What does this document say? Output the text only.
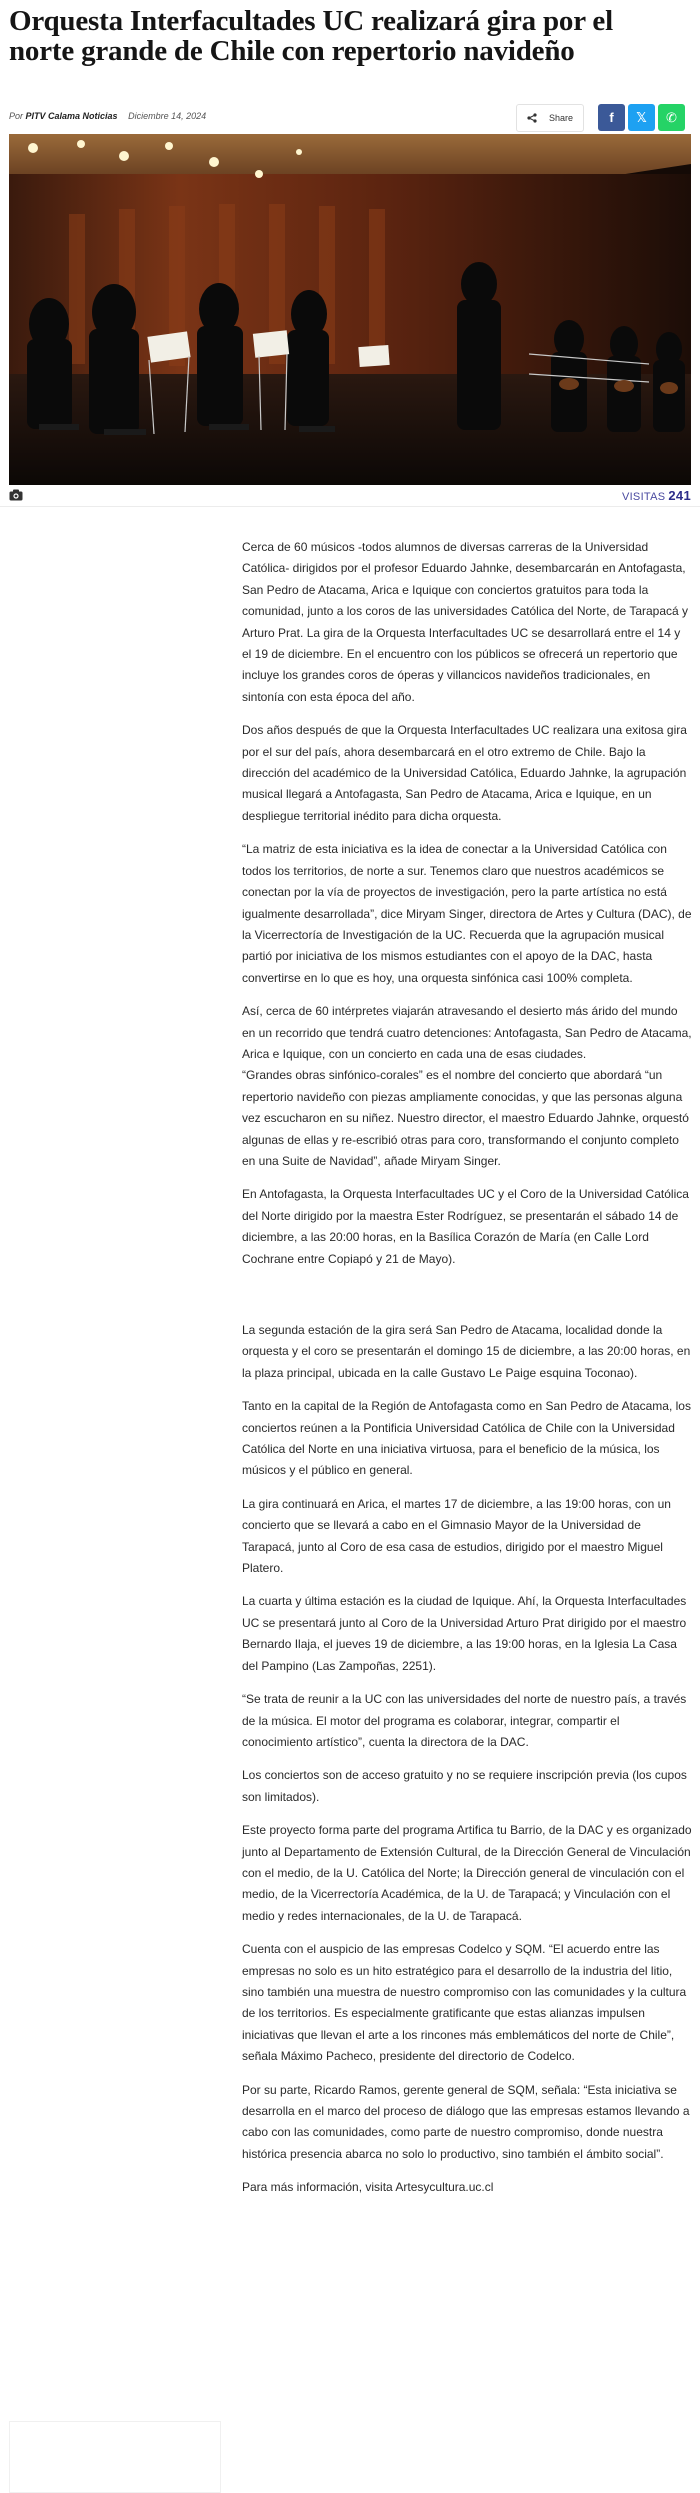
Orquesta Interfacultades UC realizará gira por el norte grande de Chile con repertorio navideño
Por PITV Calama Noticias Diciembre 14, 2024	Share	f 𝕏 ✆
VISITAS 241

Cerca de 60 músicos -todos alumnos de diversas carreras de la Universidad Católica- dirigidos por el profesor Eduardo Jahnke, desembarcarán en Antofagasta, San Pedro de Atacama, Arica e Iquique con conciertos gratuitos para toda la comunidad, junto a los coros de las universidades Católica del Norte, de Tarapacá y Arturo Prat. La gira de la Orquesta Interfacultades UC se desarrollará entre el 14 y el 19 de diciembre. En el encuentro con los públicos se ofrecerá un repertorio que incluye los grandes coros de óperas y villancicos navideños tradicionales, en sintonía con esta época del año.

Dos años después de que la Orquesta Interfacultades UC realizara una exitosa gira por el sur del país, ahora desembarcará en el otro extremo de Chile. Bajo la dirección del académico de la Universidad Católica, Eduardo Jahnke, la agrupación musical llegará a Antofagasta, San Pedro de Atacama, Arica e Iquique, en un despliegue territorial inédito para dicha orquesta.

“La matriz de esta iniciativa es la idea de conectar a la Universidad Católica con todos los territorios, de norte a sur. Tenemos claro que nuestros académicos se conectan por la vía de proyectos de investigación, pero la parte artística no está igualmente desarrollada”, dice Miryam Singer, directora de Artes y Cultura (DAC), de la Vicerrectoría de Investigación de la UC. Recuerda que la agrupación musical partió por iniciativa de los mismos estudiantes con el apoyo de la DAC, hasta convertirse en lo que es hoy, una orquesta sinfónica casi 100% completa.

Así, cerca de 60 intérpretes viajarán atravesando el desierto más árido del mundo en un recorrido que tendrá cuatro detenciones: Antofagasta, San Pedro de Atacama, Arica e Iquique, con un concierto en cada una de esas ciudades.

“Grandes obras sinfónico-corales” es el nombre del concierto que abordará “un repertorio navideño con piezas ampliamente conocidas, y que las personas alguna vez escucharon en su niñez. Nuestro director, el maestro Eduardo Jahnke, orquestó algunas de ellas y re-escribió otras para coro, transformando el conjunto completo en una Suite de Navidad”, añade Miryam Singer.

En Antofagasta, la Orquesta Interfacultades UC y el Coro de la Universidad Católica del Norte dirigido por la maestra Ester Rodríguez, se presentarán el sábado 14 de diciembre, a las 20:00 horas, en la Basílica Corazón de María (en Calle Lord Cochrane entre Copiapó y 21 de Mayo).

La segunda estación de la gira será San Pedro de Atacama, localidad donde la orquesta y el coro se presentarán el domingo 15 de diciembre, a las 20:00 horas, en la plaza principal, ubicada en la calle Gustavo Le Paige esquina Toconao).

Tanto en la capital de la Región de Antofagasta como en San Pedro de Atacama, los conciertos reúnen a la Pontificia Universidad Católica de Chile con la Universidad Católica del Norte en una iniciativa virtuosa, para el beneficio de la música, los músicos y el público en general.

La gira continuará en Arica, el martes 17 de diciembre, a las 19:00 horas, con un concierto que se llevará a cabo en el Gimnasio Mayor de la Universidad de Tarapacá, junto al Coro de esa casa de estudios, dirigido por el maestro Miguel Platero.

La cuarta y última estación es la ciudad de Iquique. Ahí, la Orquesta Interfacultades UC se presentará junto al Coro de la Universidad Arturo Prat dirigido por el maestro Bernardo Ilaja, el jueves 19 de diciembre, a las 19:00 horas, en la Iglesia La Casa del Pampino (Las Zampoñas, 2251).

“Se trata de reunir a la UC con las universidades del norte de nuestro país, a través de la música. El motor del programa es colaborar, integrar, compartir el conocimiento artístico”, cuenta la directora de la DAC.

Los conciertos son de acceso gratuito y no se requiere inscripción previa (los cupos son limitados).

Este proyecto forma parte del programa Artifica tu Barrio, de la DAC y es organizado junto al Departamento de Extensión Cultural, de la Dirección General de Vinculación con el medio, de la U. Católica del Norte; la Dirección general de vinculación con el medio, de la Vicerrectoría Académica, de la U. de Tarapacá; y Vinculación con el medio y redes internacionales, de la U. de Tarapacá.

Cuenta con el auspicio de las empresas Codelco y SQM. “El acuerdo entre las empresas no solo es un hito estratégico para el desarrollo de la industria del litio, sino también una muestra de nuestro compromiso con las comunidades y la cultura de los territorios. Es especialmente gratificante que estas alianzas impulsen iniciativas que llevan el arte a los rincones más emblemáticos del norte de Chile”, señala Máximo Pacheco, presidente del directorio de Codelco.

Por su parte, Ricardo Ramos, gerente general de SQM, señala: “Esta iniciativa se desarrolla en el marco del proceso de diálogo que las empresas estamos llevando a cabo con las comunidades, como parte de nuestro compromiso, donde nuestra histórica presencia abarca no solo lo productivo, sino también el ámbito social”.

Para más información, visita Artesycultura.uc.cl
